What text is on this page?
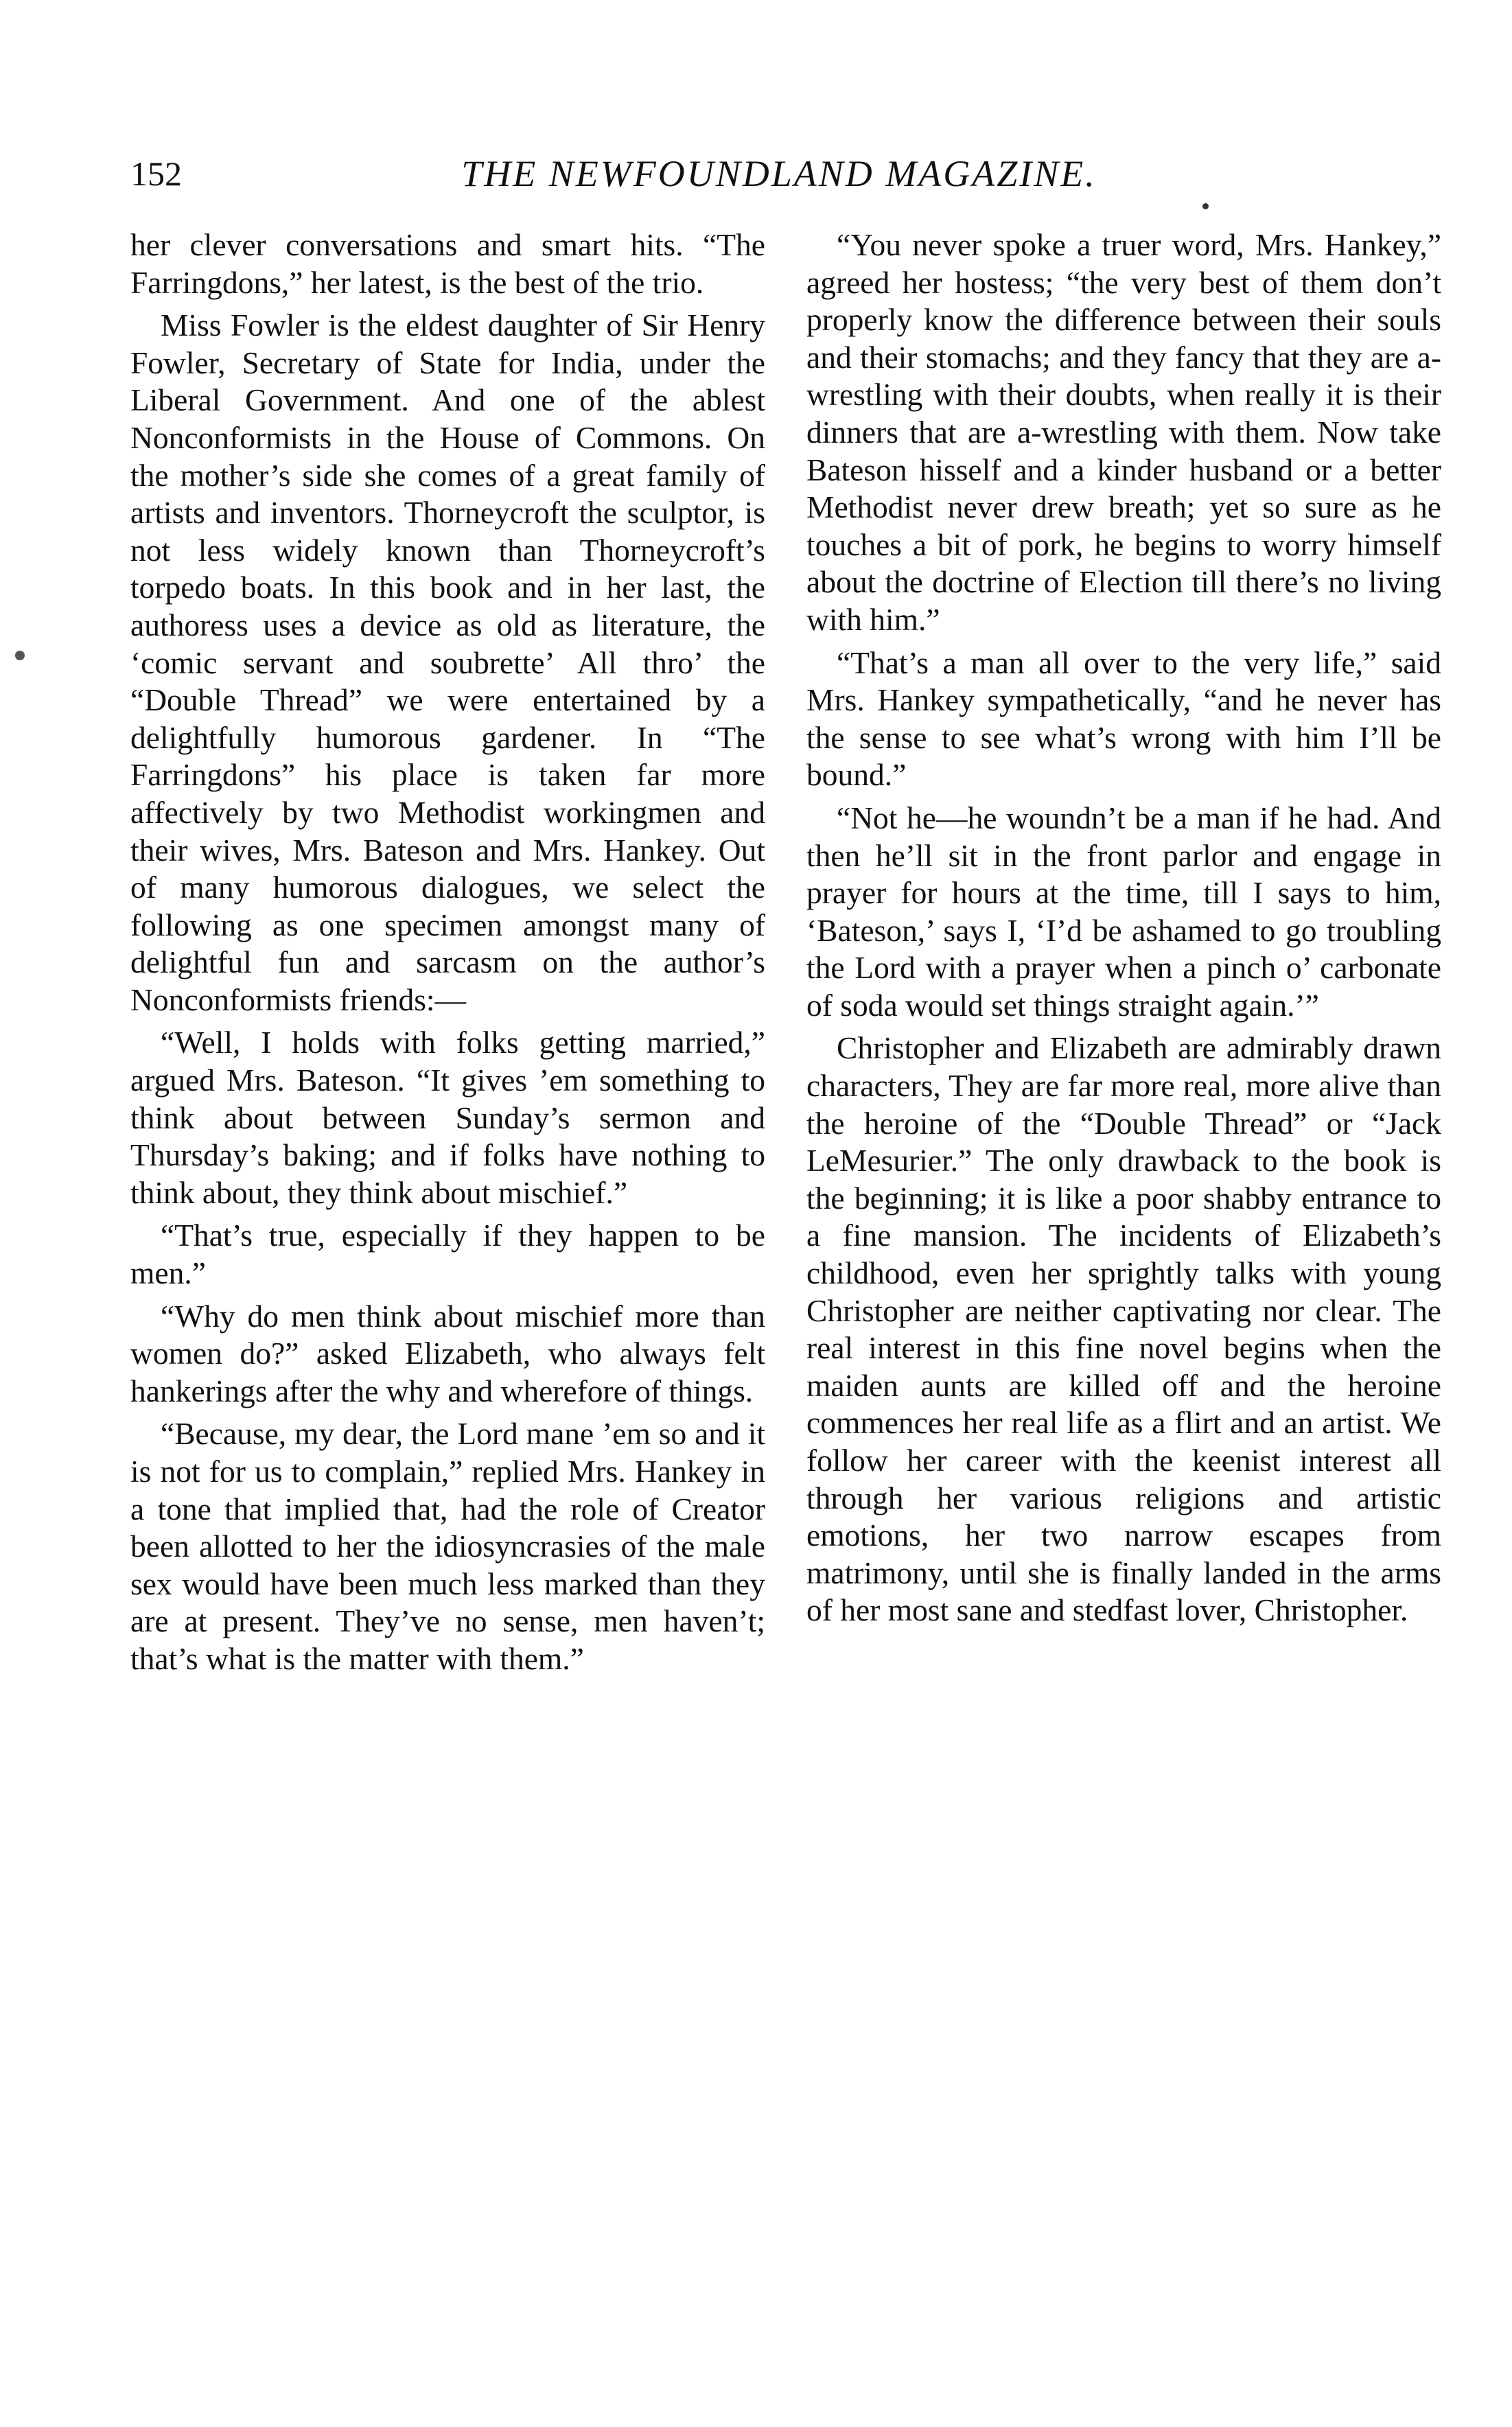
152	THE NEWFOUNDLAND MAGAZINE.

her clever conversations and smart hits. “The Farringdons,” her latest, is the best of the trio.

Miss Fowler is the eldest daughter of Sir Henry Fowler, Secretary of State for India, under the Liberal Government. And one of the ablest Nonconformists in the House of Commons. On the mother’s side she comes of a great family of artists and inventors. Thorneycroft the sculptor, is not less widely known than Thorneycroft’s torpedo boats. In this book and in her last, the authoress uses a device as old as literature, the ‘comic servant and soubrette’ All thro’ the “Double Thread” we were entertained by a delightfully humorous gardener. In “The Farringdons” his place is taken far more affectively by two Methodist workingmen and their wives, Mrs. Bateson and Mrs. Hankey. Out of many humorous dialogues, we select the following as one specimen amongst many of delightful fun and sarcasm on the author’s Nonconformists friends:—

“Well, I holds with folks getting married,” argued Mrs. Bateson. “It gives ’em something to think about between Sunday’s sermon and Thursday’s baking; and if folks have nothing to think about, they think about mischief.”

“That’s true, especially if they happen to be men.”

“Why do men think about mischief more than women do?” asked Elizabeth, who always felt hankerings after the why and wherefore of things.

“Because, my dear, the Lord mane ’em so and it is not for us to complain,” replied Mrs. Hankey in a tone that implied that, had the role of Creator been allotted to her the idiosyncrasies of the male sex would have been much less marked than they are at present. They’ve no sense, men haven’t; that’s what is the matter with them.”

“You never spoke a truer word, Mrs. Hankey,” agreed her hostess; “the very best of them don’t properly know the difference between their souls and their stomachs; and they fancy that they are a-wrestling with their doubts, when really it is their dinners that are a-wrestling with them. Now take Bateson hisself and a kinder husband or a better Methodist never drew breath; yet so sure as he touches a bit of pork, he begins to worry himself about the doctrine of Election till there’s no living with him.”

“That’s a man all over to the very life,” said Mrs. Hankey sympathetically, “and he never has the sense to see what’s wrong with him I’ll be bound.”

“Not he—he woundn’t be a man if he had. And then he’ll sit in the front parlor and engage in prayer for hours at the time, till I says to him, ‘Bateson,’ says I, ‘I’d be ashamed to go troubling the Lord with a prayer when a pinch o’ carbonate of soda would set things straight again.’”

Christopher and Elizabeth are admirably drawn characters, They are far more real, more alive than the heroine of the “Double Thread” or “Jack LeMesurier.” The only drawback to the book is the beginning; it is like a poor shabby entrance to a fine mansion. The incidents of Elizabeth’s childhood, even her sprightly talks with young Christopher are neither captivating nor clear. The real interest in this fine novel begins when the maiden aunts are killed off and the heroine commences her real life as a flirt and an artist. We follow her career with the keenist interest all through her various religions and artistic emotions, her two narrow escapes from matrimony, until she is finally landed in the arms of her most sane and stedfast lover, Christopher.
